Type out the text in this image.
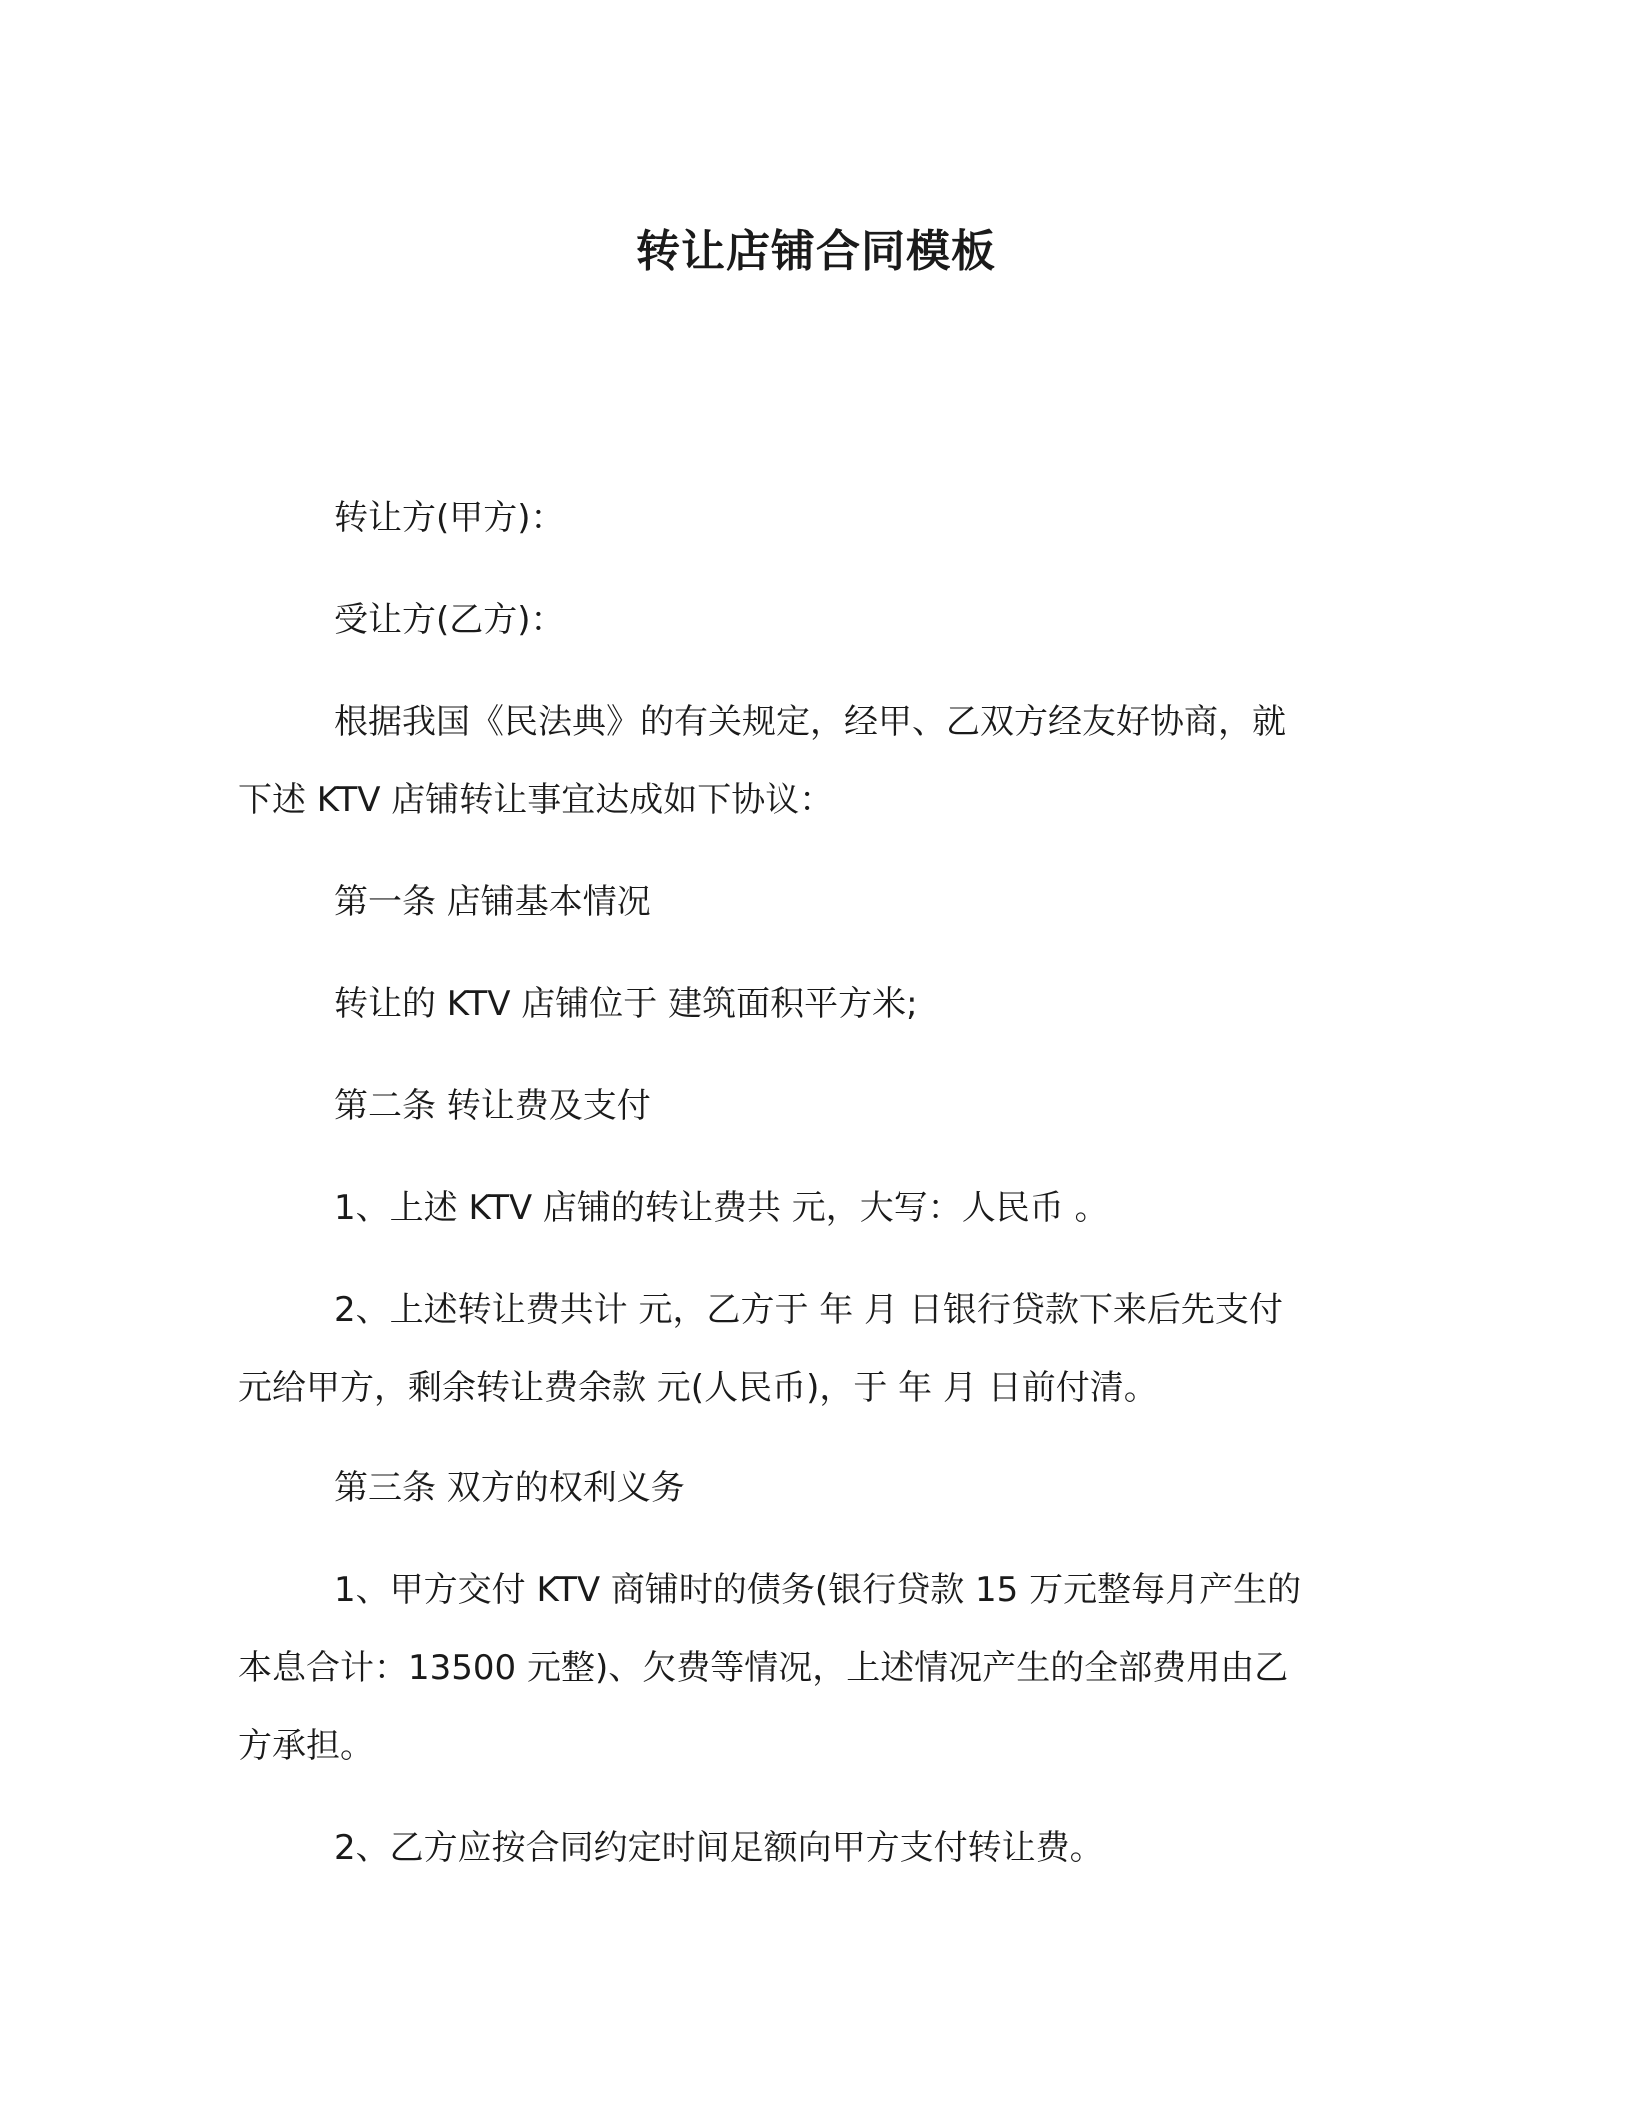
转让店铺合同模板
转让方(甲方)：
受让方(乙方)：
根据我国《民法典》的有关规定，经甲、乙双方经友好协商，就
下述 KTV 店铺转让事宜达成如下协议：
第一条 店铺基本情况
转让的 KTV 店铺位于 建筑面积平方米;
第二条 转让费及支付
1、上述 KTV 店铺的转让费共 元，大写：人民币 。
2、上述转让费共计 元，乙方于 年 月 日银行贷款下来后先支付
元给甲方，剩余转让费余款 元(人民币)，于 年 月 日前付清。
第三条 双方的权利义务
1、甲方交付 KTV 商铺时的债务(银行贷款 15 万元整每月产生的
本息合计：13500 元整)、欠费等情况，上述情况产生的全部费用由乙
方承担。
2、乙方应按合同约定时间足额向甲方支付转让费。
